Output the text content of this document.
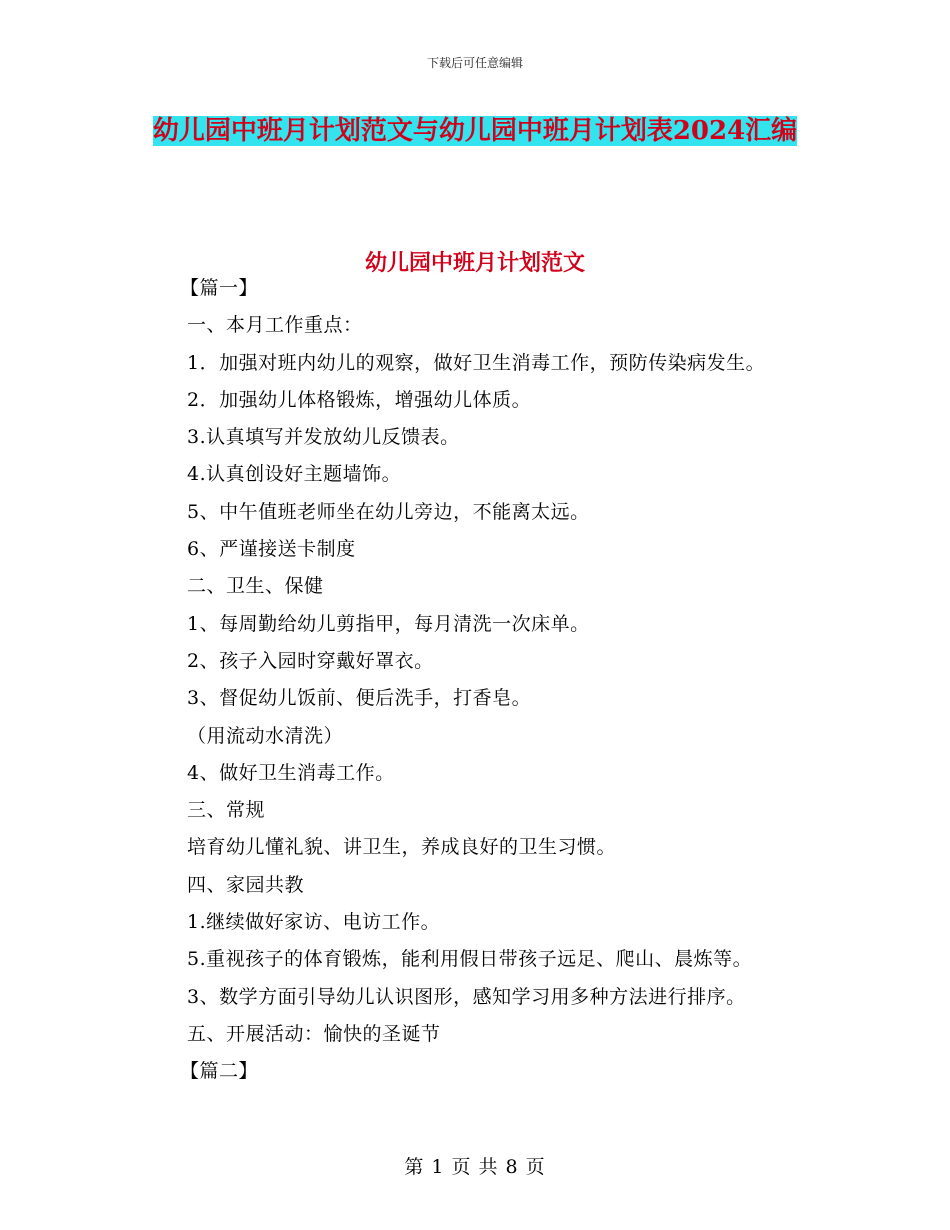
下载后可任意编辑
幼儿园中班月计划范文与幼儿园中班月计划表2024汇编
幼儿园中班月计划范文
【篇一】
一、本月工作重点：
1．加强对班内幼儿的观察，做好卫生消毒工作，预防传染病发生。
2．加强幼儿体格锻炼，增强幼儿体质。
3.认真填写并发放幼儿反馈表。
4.认真创设好主题墙饰。
5、中午值班老师坐在幼儿旁边，不能离太远。
6、严谨接送卡制度
二、卫生、保健
1、每周勤给幼儿剪指甲，每月清洗一次床单。
2、孩子入园时穿戴好罩衣。
3、督促幼儿饭前、便后洗手，打香皂。
（用流动水清洗）
4、做好卫生消毒工作。
三、常规
培育幼儿懂礼貌、讲卫生，养成良好的卫生习惯。
四、家园共教
1.继续做好家访、电访工作。
5.重视孩子的体育锻炼，能利用假日带孩子远足、爬山、晨炼等。
3、数学方面引导幼儿认识图形，感知学习用多种方法进行排序。
五、开展活动：愉快的圣诞节
【篇二】
第 1 页 共 8 页
